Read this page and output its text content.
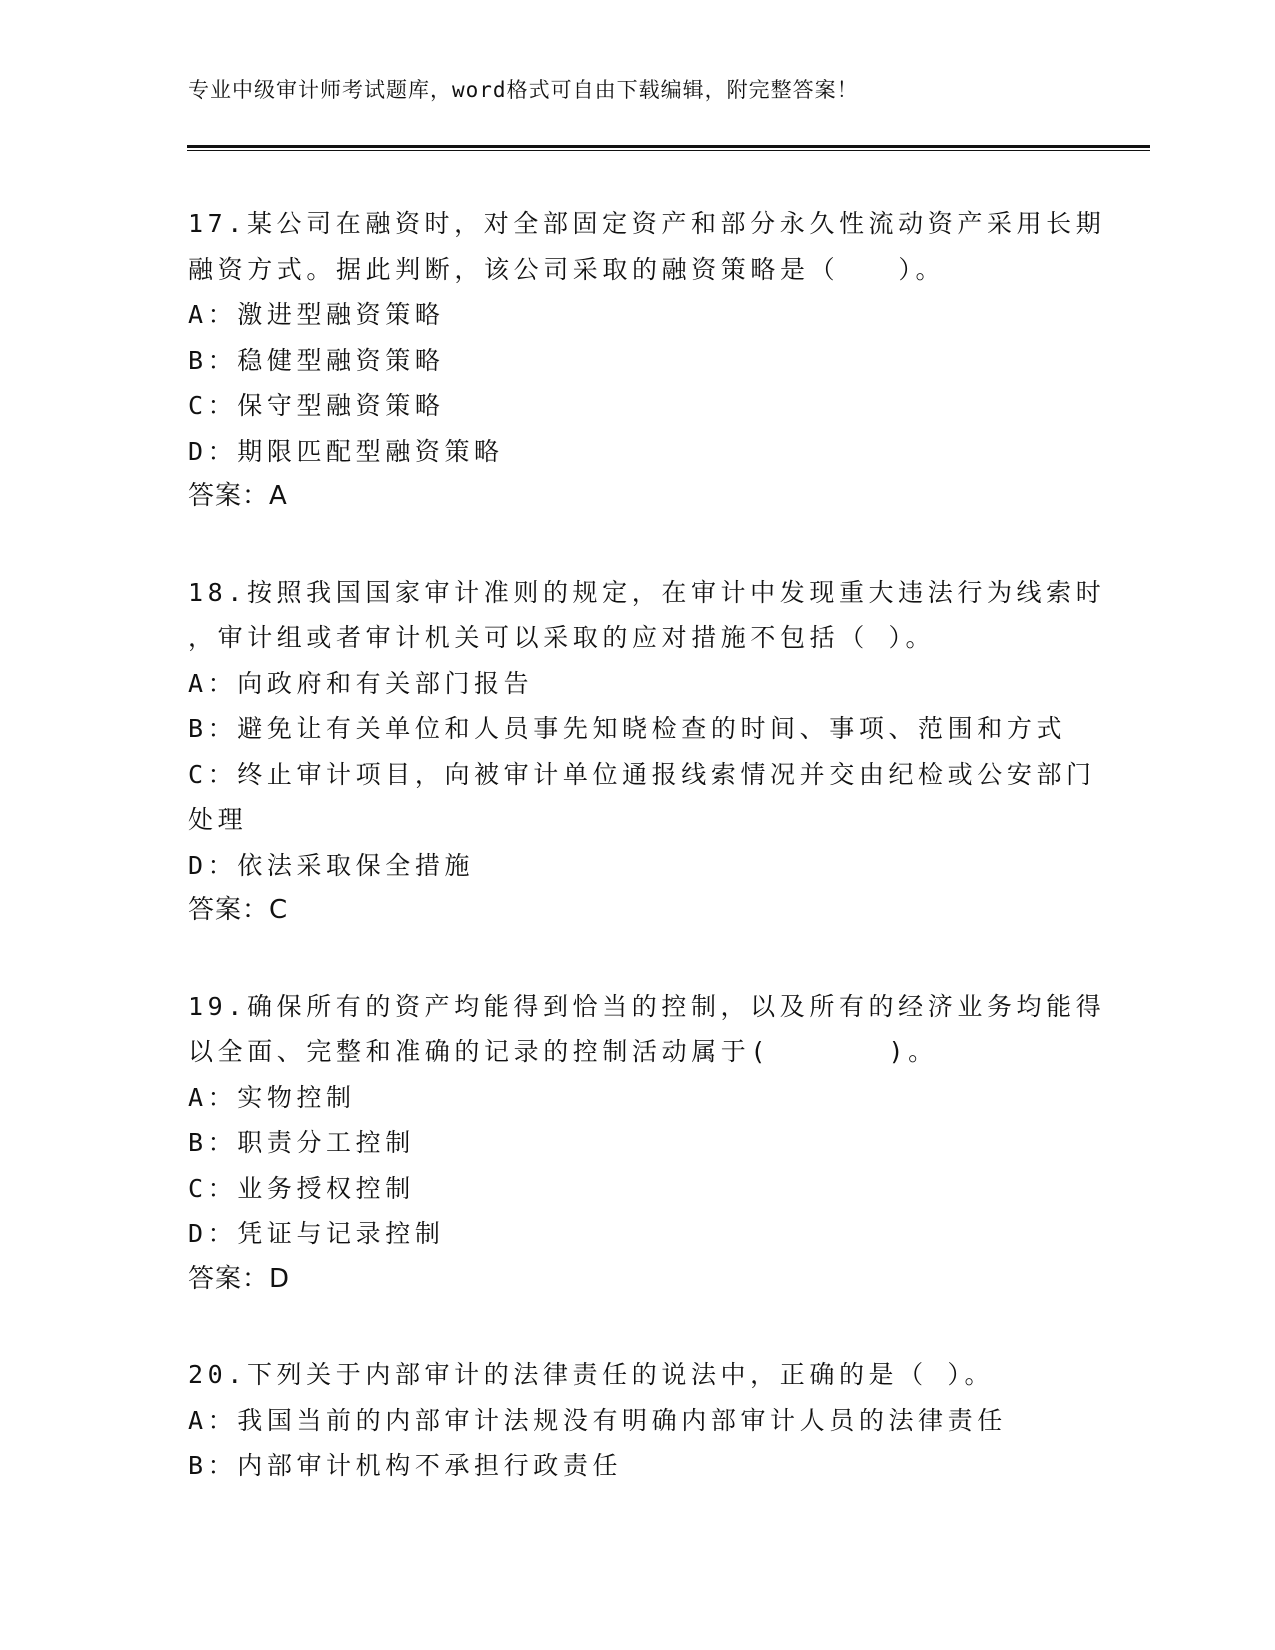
专业中级审计师考试题库，word格式可自由下载编辑，附完整答案！
17.某公司在融资时，对全部固定资产和部分永久性流动资产采用长期
融资方式。据此判断，该公司采取的融资策略是（　　）。
A：激进型融资策略
B：稳健型融资策略
C：保守型融资策略
D：期限匹配型融资策略
答案：A
18.按照我国国家审计准则的规定，在审计中发现重大违法行为线索时
，审计组或者审计机关可以采取的应对措施不包括（ ）。
A：向政府和有关部门报告
B：避免让有关单位和人员事先知晓检查的时间、事项、范围和方式
C：终止审计项目，向被审计单位通报线索情况并交由纪检或公安部门
处理
D：依法采取保全措施
答案：C
19.确保所有的资产均能得到恰当的控制，以及所有的经济业务均能得
以全面、完整和准确的记录的控制活动属于(　　　　)。
A：实物控制
B：职责分工控制
C：业务授权控制
D：凭证与记录控制
答案：D
20.下列关于内部审计的法律责任的说法中，正确的是（ ）。
A：我国当前的内部审计法规没有明确内部审计人员的法律责任
B：内部审计机构不承担行政责任
